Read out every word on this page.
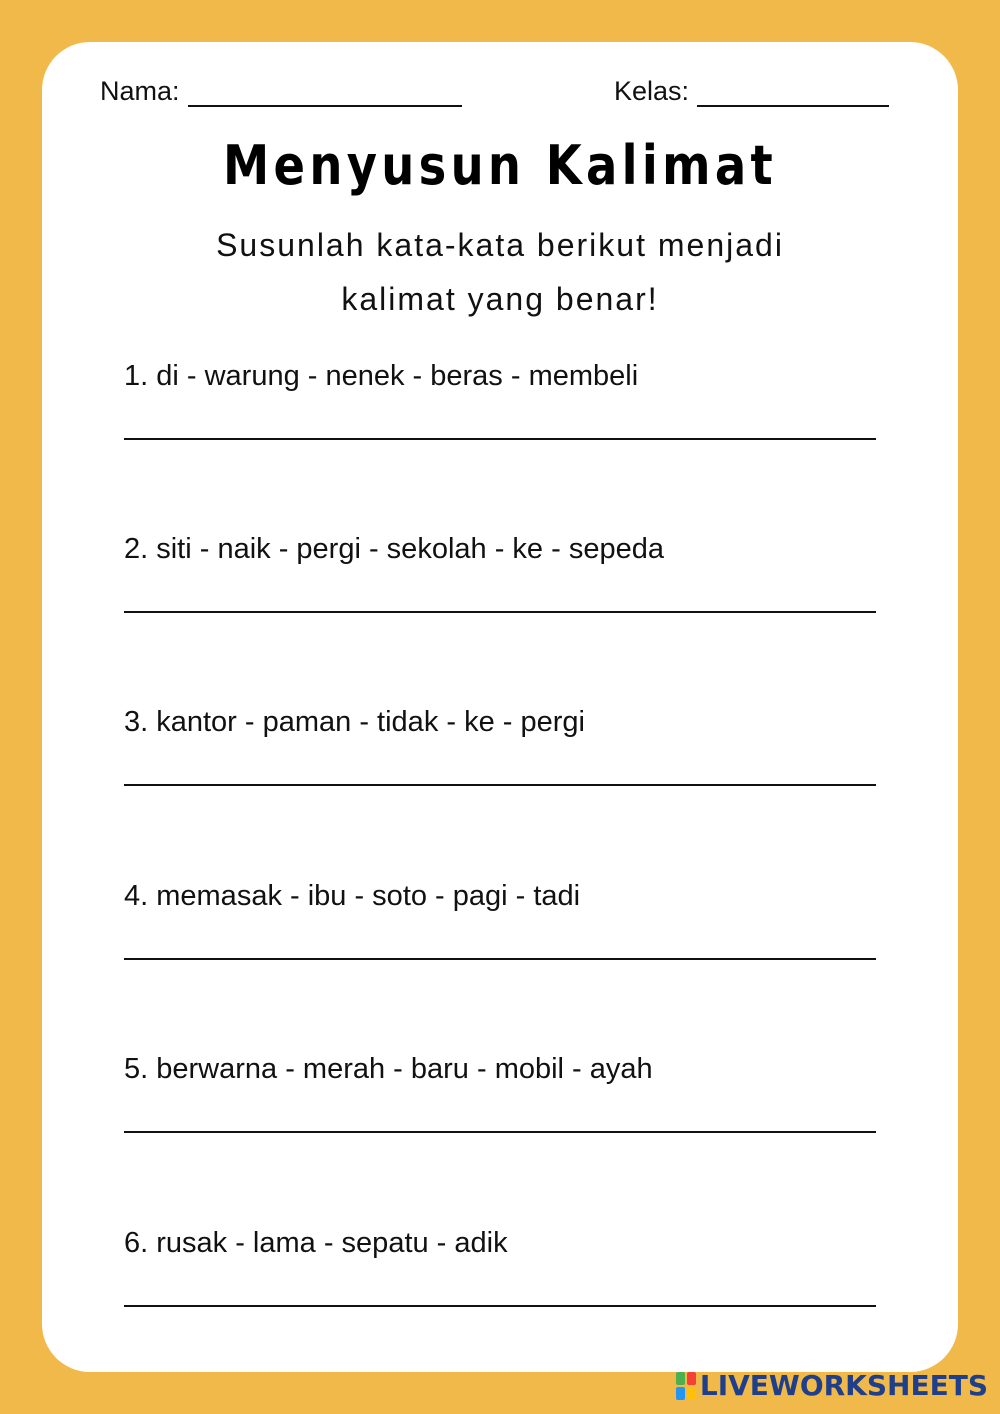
Nama:	Kelas:
Menyusun Kalimat
Susunlah kata-kata berikut menjadi
kalimat yang benar!
1. di - warung - nenek - beras - membeli
2. siti - naik - pergi - sekolah - ke - sepeda
3. kantor - paman - tidak - ke - pergi
4. memasak - ibu - soto - pagi - tadi
5. berwarna - merah - baru - mobil - ayah
6. rusak - lama - sepatu - adik
LIVEWORKSHEETS
